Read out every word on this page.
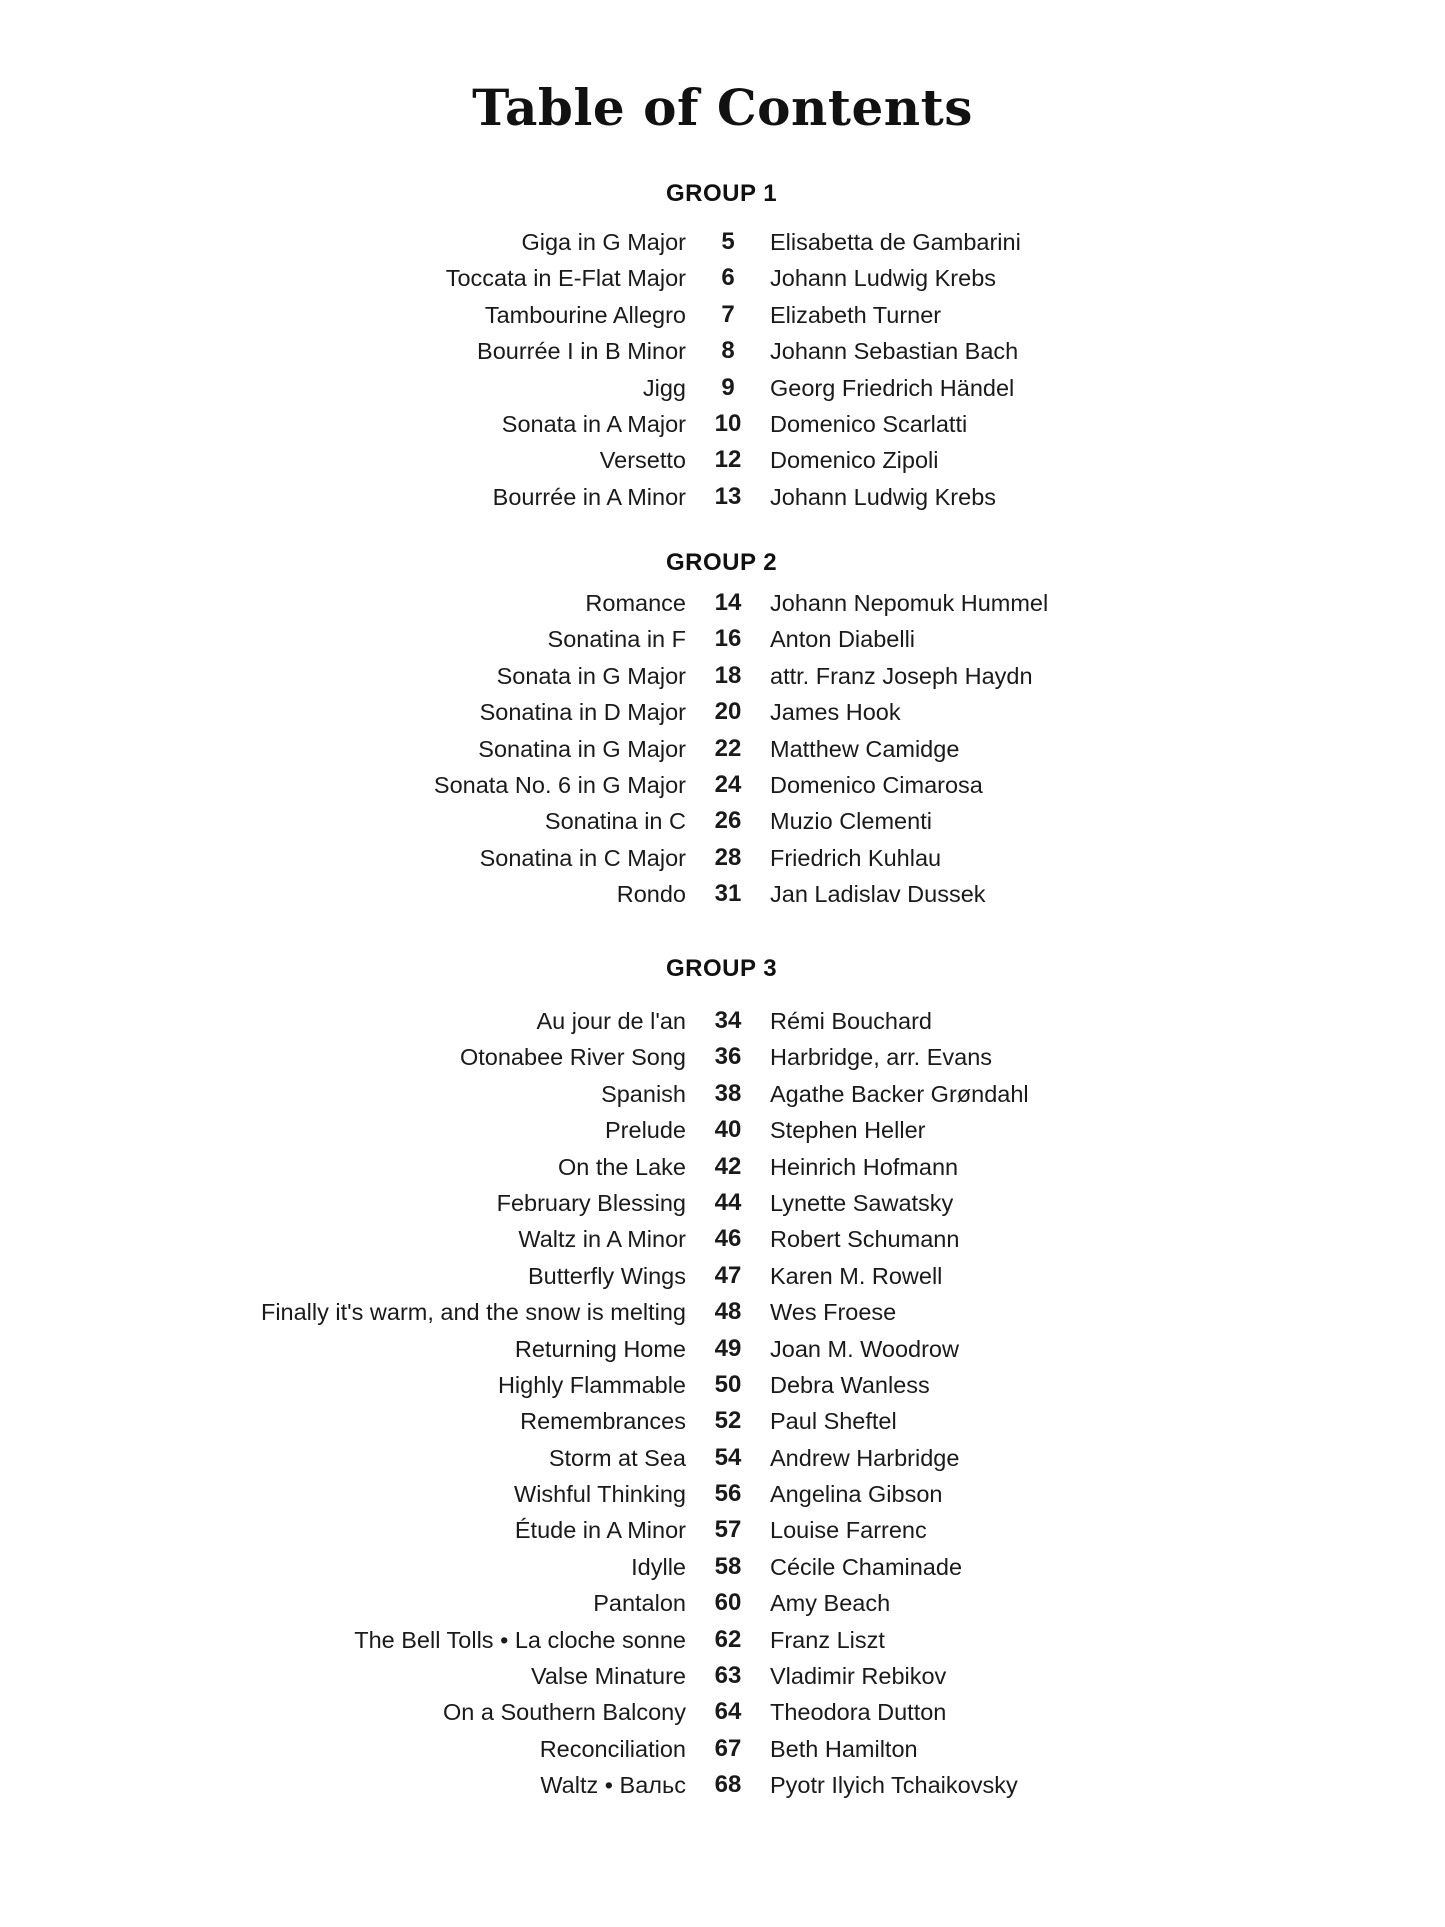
Table of Contents
GROUP 1
Giga in G Major	5	Elisabetta de Gambarini
Toccata in E-Flat Major	6	Johann Ludwig Krebs
Tambourine Allegro	7	Elizabeth Turner
Bourrée I in B Minor	8	Johann Sebastian Bach
Jigg	9	Georg Friedrich Händel
Sonata in A Major	10	Domenico Scarlatti
Versetto	12	Domenico Zipoli
Bourrée in A Minor	13	Johann Ludwig Krebs
GROUP 2
Romance	14	Johann Nepomuk Hummel
Sonatina in F	16	Anton Diabelli
Sonata in G Major	18	attr. Franz Joseph Haydn
Sonatina in D Major	20	James Hook
Sonatina in G Major	22	Matthew Camidge
Sonata No. 6 in G Major	24	Domenico Cimarosa
Sonatina in C	26	Muzio Clementi
Sonatina in C Major	28	Friedrich Kuhlau
Rondo	31	Jan Ladislav Dussek
GROUP 3
Au jour de l'an	34	Rémi Bouchard
Otonabee River Song	36	Harbridge, arr. Evans
Spanish	38	Agathe Backer Grøndahl
Prelude	40	Stephen Heller
On the Lake	42	Heinrich Hofmann
February Blessing	44	Lynette Sawatsky
Waltz in A Minor	46	Robert Schumann
Butterfly Wings	47	Karen M. Rowell
Finally it's warm, and the snow is melting	48	Wes Froese
Returning Home	49	Joan M. Woodrow
Highly Flammable	50	Debra Wanless
Remembrances	52	Paul Sheftel
Storm at Sea	54	Andrew Harbridge
Wishful Thinking	56	Angelina Gibson
Étude in A Minor	57	Louise Farrenc
Idylle	58	Cécile Chaminade
Pantalon	60	Amy Beach
The Bell Tolls • La cloche sonne	62	Franz Liszt
Valse Minature	63	Vladimir Rebikov
On a Southern Balcony	64	Theodora Dutton
Reconciliation	67	Beth Hamilton
Waltz • Вальс	68	Pyotr Ilyich Tchaikovsky
